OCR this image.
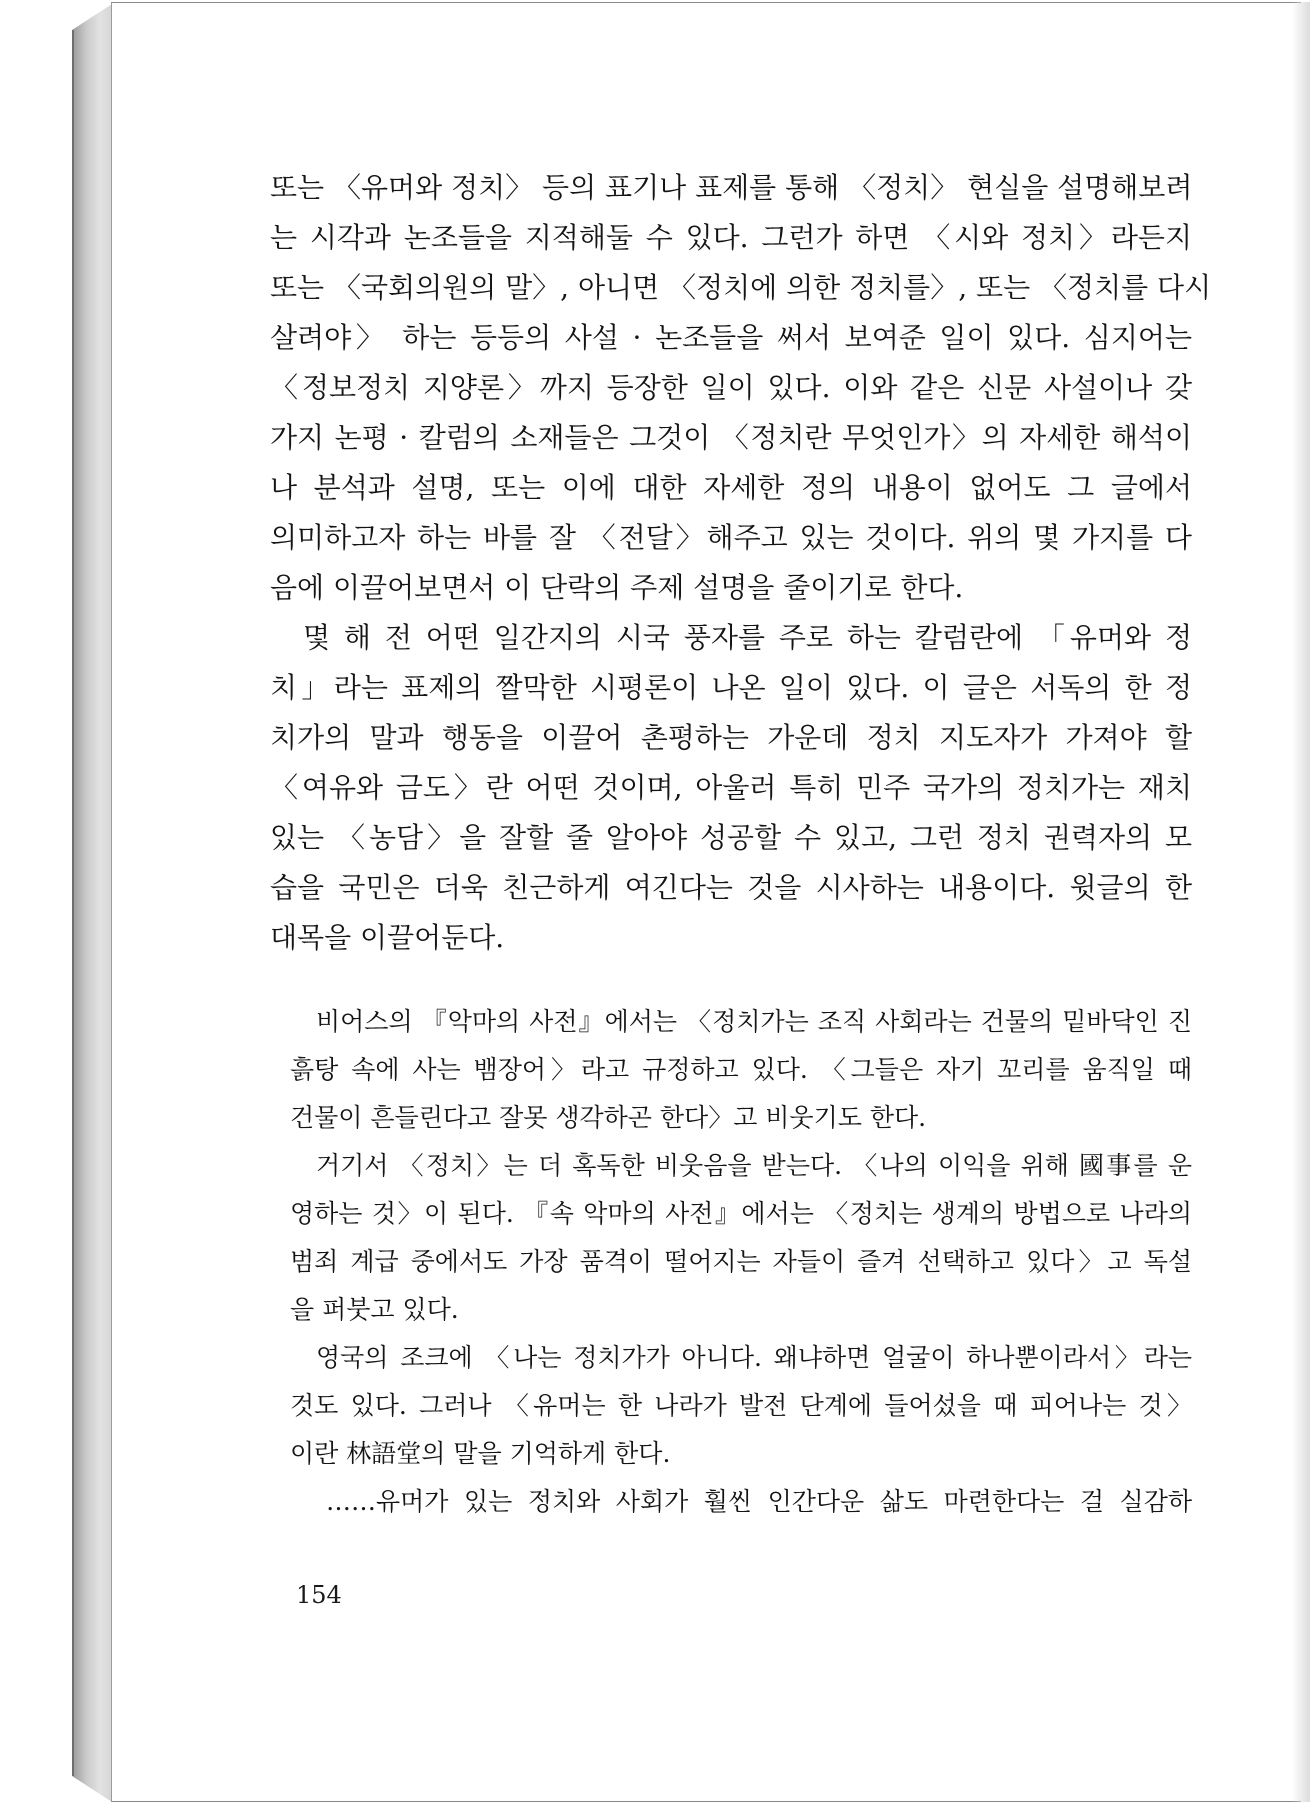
또는 〈유머와 정치〉 등의 표기나 표제를 통해 〈정치〉 현실을 설명해보려
는 시각과 논조들을 지적해둘 수 있다. 그런가 하면 〈시와 정치〉라든지
또는 〈국회의원의 말〉, 아니면 〈정치에 의한 정치를〉, 또는 〈정치를 다시
살려야〉 하는 등등의 사설 · 논조들을 써서 보여준 일이 있다. 심지어는
〈정보정치 지양론〉까지 등장한 일이 있다. 이와 같은 신문 사설이나 갖
가지 논평 · 칼럼의 소재들은 그것이 〈정치란 무엇인가〉의 자세한 해석이
나 분석과 설명, 또는 이에 대한 자세한 정의 내용이 없어도 그 글에서
의미하고자 하는 바를 잘 〈전달〉해주고 있는 것이다. 위의 몇 가지를 다
음에 이끌어보면서 이 단락의 주제 설명을 줄이기로 한다.
　몇 해 전 어떤 일간지의 시국 풍자를 주로 하는 칼럼란에 「유머와 정
치」라는 표제의 짤막한 시평론이 나온 일이 있다. 이 글은 서독의 한 정
치가의 말과 행동을 이끌어 촌평하는 가운데 정치 지도자가 가져야 할
〈여유와 금도〉란 어떤 것이며, 아울러 특히 민주 국가의 정치가는 재치
있는 〈농담〉을 잘할 줄 알아야 성공할 수 있고, 그런 정치 권력자의 모
습을 국민은 더욱 친근하게 여긴다는 것을 시사하는 내용이다. 윗글의 한
대목을 이끌어둔다.
비어스의 『악마의 사전』에서는 〈정치가는 조직 사회라는 건물의 밑바닥인 진
흙탕 속에 사는 뱀장어〉라고 규정하고 있다. 〈그들은 자기 꼬리를 움직일 때
건물이 흔들린다고 잘못 생각하곤 한다〉고 비웃기도 한다.
거기서 〈정치〉는 더 혹독한 비웃음을 받는다. 〈나의 이익을 위해 國事를 운
영하는 것〉이 된다. 『속 악마의 사전』에서는 〈정치는 생계의 방법으로 나라의
범죄 계급 중에서도 가장 품격이 떨어지는 자들이 즐겨 선택하고 있다〉고 독설
을 퍼붓고 있다.
영국의 조크에 〈나는 정치가가 아니다. 왜냐하면 얼굴이 하나뿐이라서〉라는
것도 있다. 그러나 〈유머는 한 나라가 발전 단계에 들어섰을 때 피어나는 것〉
이란 林語堂의 말을 기억하게 한다.
……유머가 있는 정치와 사회가 훨씬 인간다운 삶도 마련한다는 걸 실감하
154
